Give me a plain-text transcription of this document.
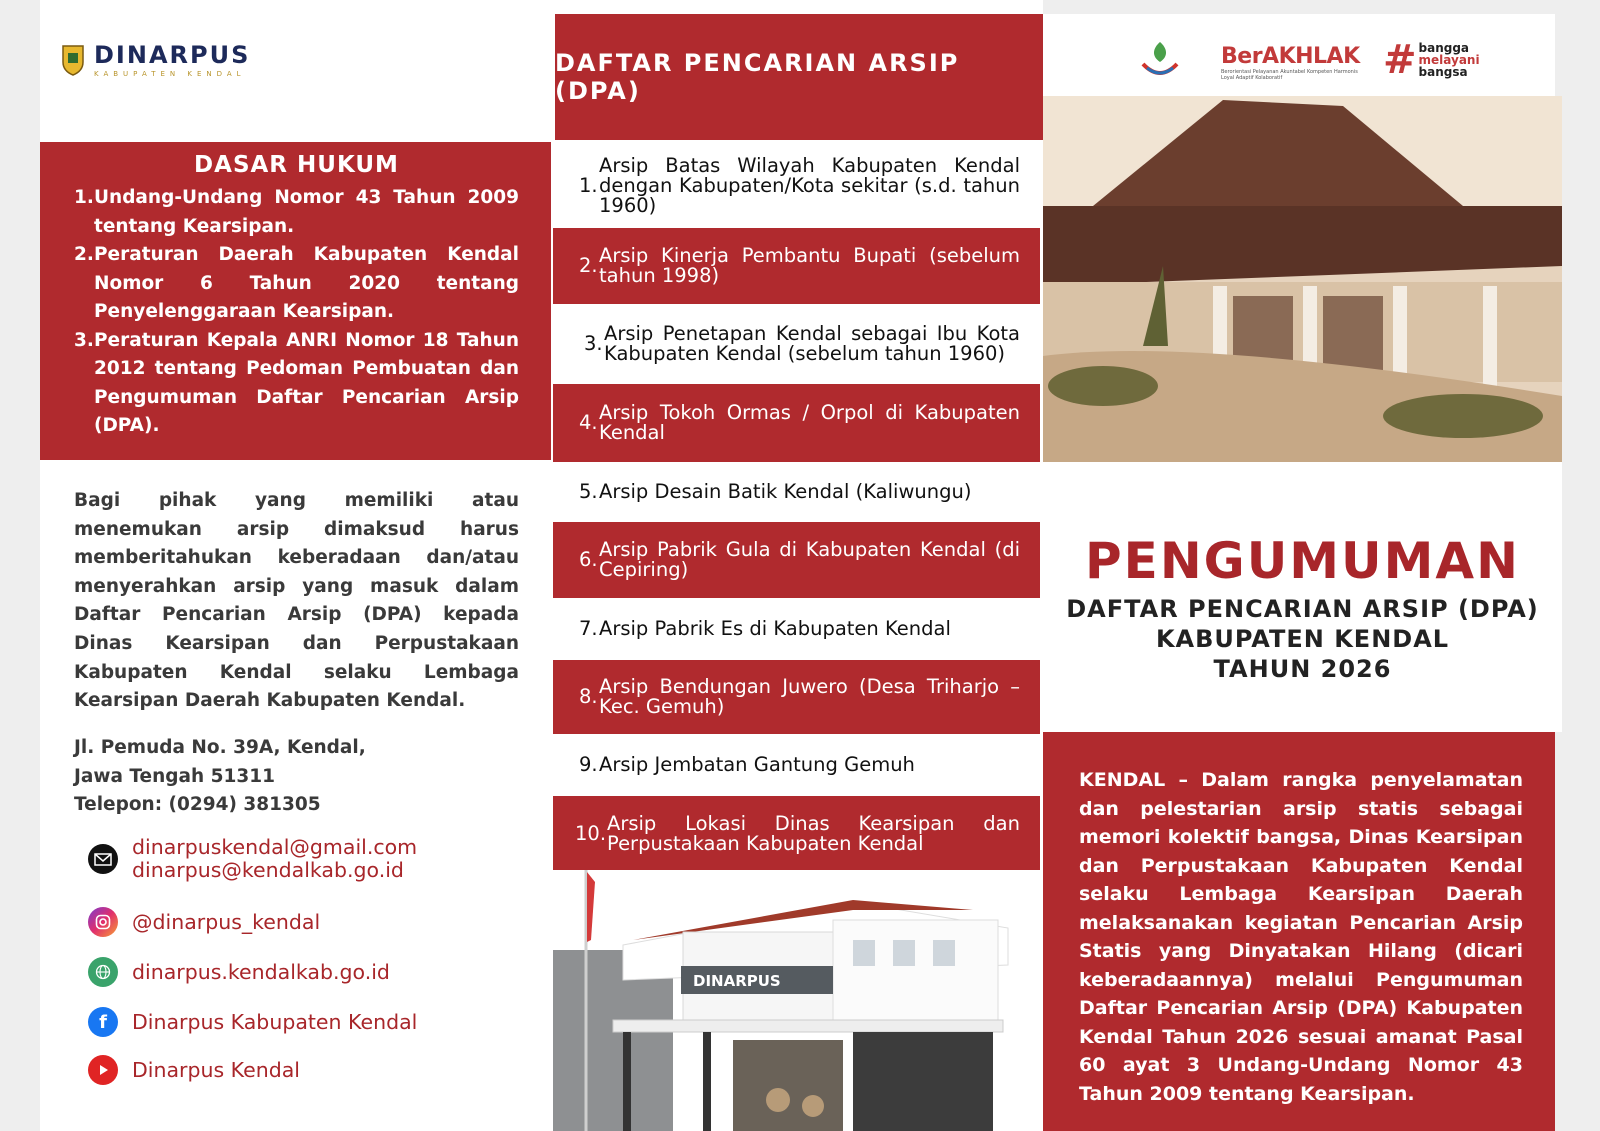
DINARPUS
KABUPATEN KENDAL
DASAR HUKUM
1. Undang-Undang Nomor 43 Tahun 2009 tentang Kearsipan.
2. Peraturan Daerah Kabupaten Kendal Nomor 6 Tahun 2020 tentang Penyelenggaraan Kearsipan.
3. Peraturan Kepala ANRI Nomor 18 Tahun 2012 tentang Pedoman Pembuatan dan Pengumuman Daftar Pencarian Arsip (DPA).
Bagi pihak yang memiliki atau menemukan arsip dimaksud harus memberitahukan keberadaan dan/atau menyerahkan arsip yang masuk dalam Daftar Pencarian Arsip (DPA) kepada Dinas Kearsipan dan Perpustakaan Kabupaten Kendal selaku Lembaga Kearsipan Daerah Kabupaten Kendal.
Jl. Pemuda No. 39A, Kendal,
Jawa Tengah 51311
Telepon: (0294) 381305
dinarpuskendal@gmail.com
dinarpus@kendalkab.go.id
@dinarpus_kendal
dinarpus.kendalkab.go.id
f	Dinarpus Kabupaten Kendal
Dinarpus Kendal
DAFTAR PENCARIAN ARSIP (DPA)
1.
Arsip Batas Wilayah Kabupaten Kendal dengan Kabupaten/Kota sekitar (s.d. tahun 1960)
2. Arsip Kinerja Pembantu Bupati (sebelum tahun 1998)
3. Arsip Penetapan Kendal sebagai Ibu Kota Kabupaten Kendal (sebelum tahun 1960)
4. Arsip Tokoh Ormas / Orpol di Kabupaten Kendal
5. Arsip Desain Batik Kendal (Kaliwungu)
6. Arsip Pabrik Gula di Kabupaten Kendal (di Cepiring)
7. Arsip Pabrik Es di Kabupaten Kendal
8. Arsip Bendungan Juwero (Desa Triharjo – Kec. Gemuh)
9. Arsip Jembatan Gantung Gemuh
10. Arsip Lokasi Dinas Kearsipan dan Perpustakaan Kabupaten Kendal
DINARPUS
BerAKHLAK
Berorientasi Pelayanan Akuntabel Kompeten Harmonis Loyal Adaptif Kolaboratif	# bangga
melayani
bangsa
PENGUMUMAN
DAFTAR PENCARIAN ARSIP (DPA)
KABUPATEN KENDAL
TAHUN 2026
KENDAL – Dalam rangka penyelamatan dan pelestarian arsip statis sebagai memori kolektif bangsa, Dinas Kearsipan dan Perpustakaan Kabupaten Kendal selaku Lembaga Kearsipan Daerah melaksanakan kegiatan Pencarian Arsip Statis yang Dinyatakan Hilang (dicari keberadaannya) melalui Pengumuman Daftar Pencarian Arsip (DPA) Kabupaten Kendal Tahun 2026 sesuai amanat Pasal 60 ayat 3 Undang-Undang Nomor 43 Tahun 2009 tentang Kearsipan.
